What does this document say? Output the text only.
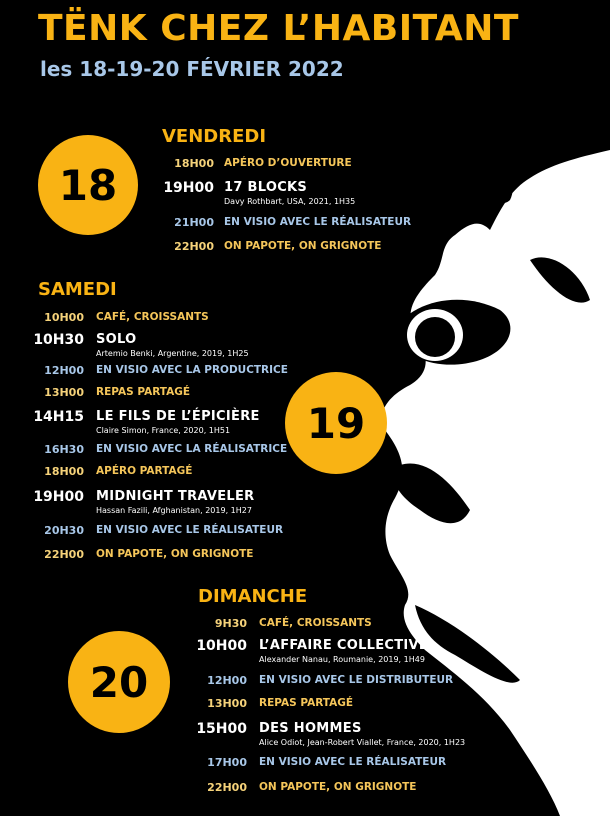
TËNK CHEZ L’HABITANT
les 18-19-20 FÉVRIER 2022
VENDREDI
18	18H00 APÉRO D’OUVERTURE
19H00 17 BLOCKS
Davy Rothbart, USA, 2021, 1H35
21H00 EN VISIO AVEC LE RÉALISATEUR
22H00 ON PAPOTE, ON GRIGNOTE
SAMEDI
19
10H00 CAFÉ, CROISSANTS
10H30 SOLO
Artemio Benki, Argentine, 2019, 1H25
12H00 EN VISIO AVEC LA PRODUCTRICE
13H00 REPAS PARTAGÉ
14H15 LE FILS DE L’ÉPICIÈRE
Claire Simon, France, 2020, 1H51
16H30 EN VISIO AVEC LA RÉALISATRICE
18H00 APÉRO PARTAGÉ
19H00 MIDNIGHT TRAVELER
Hassan Fazili, Afghanistan, 2019, 1H27
20H30 EN VISIO AVEC LE RÉALISATEUR
22H00 ON PAPOTE, ON GRIGNOTE
DIMANCHE
20
9H30 CAFÉ, CROISSANTS
10H00 L’AFFAIRE COLLECTIVE
Alexander Nanau, Roumanie, 2019, 1H49
12H00 EN VISIO AVEC LE DISTRIBUTEUR
13H00 REPAS PARTAGÉ
15H00 DES HOMMES
Alice Odiot, Jean-Robert Viallet, France, 2020, 1H23
17H00 EN VISIO AVEC LE RÉALISATEUR
22H00 ON PAPOTE, ON GRIGNOTE
